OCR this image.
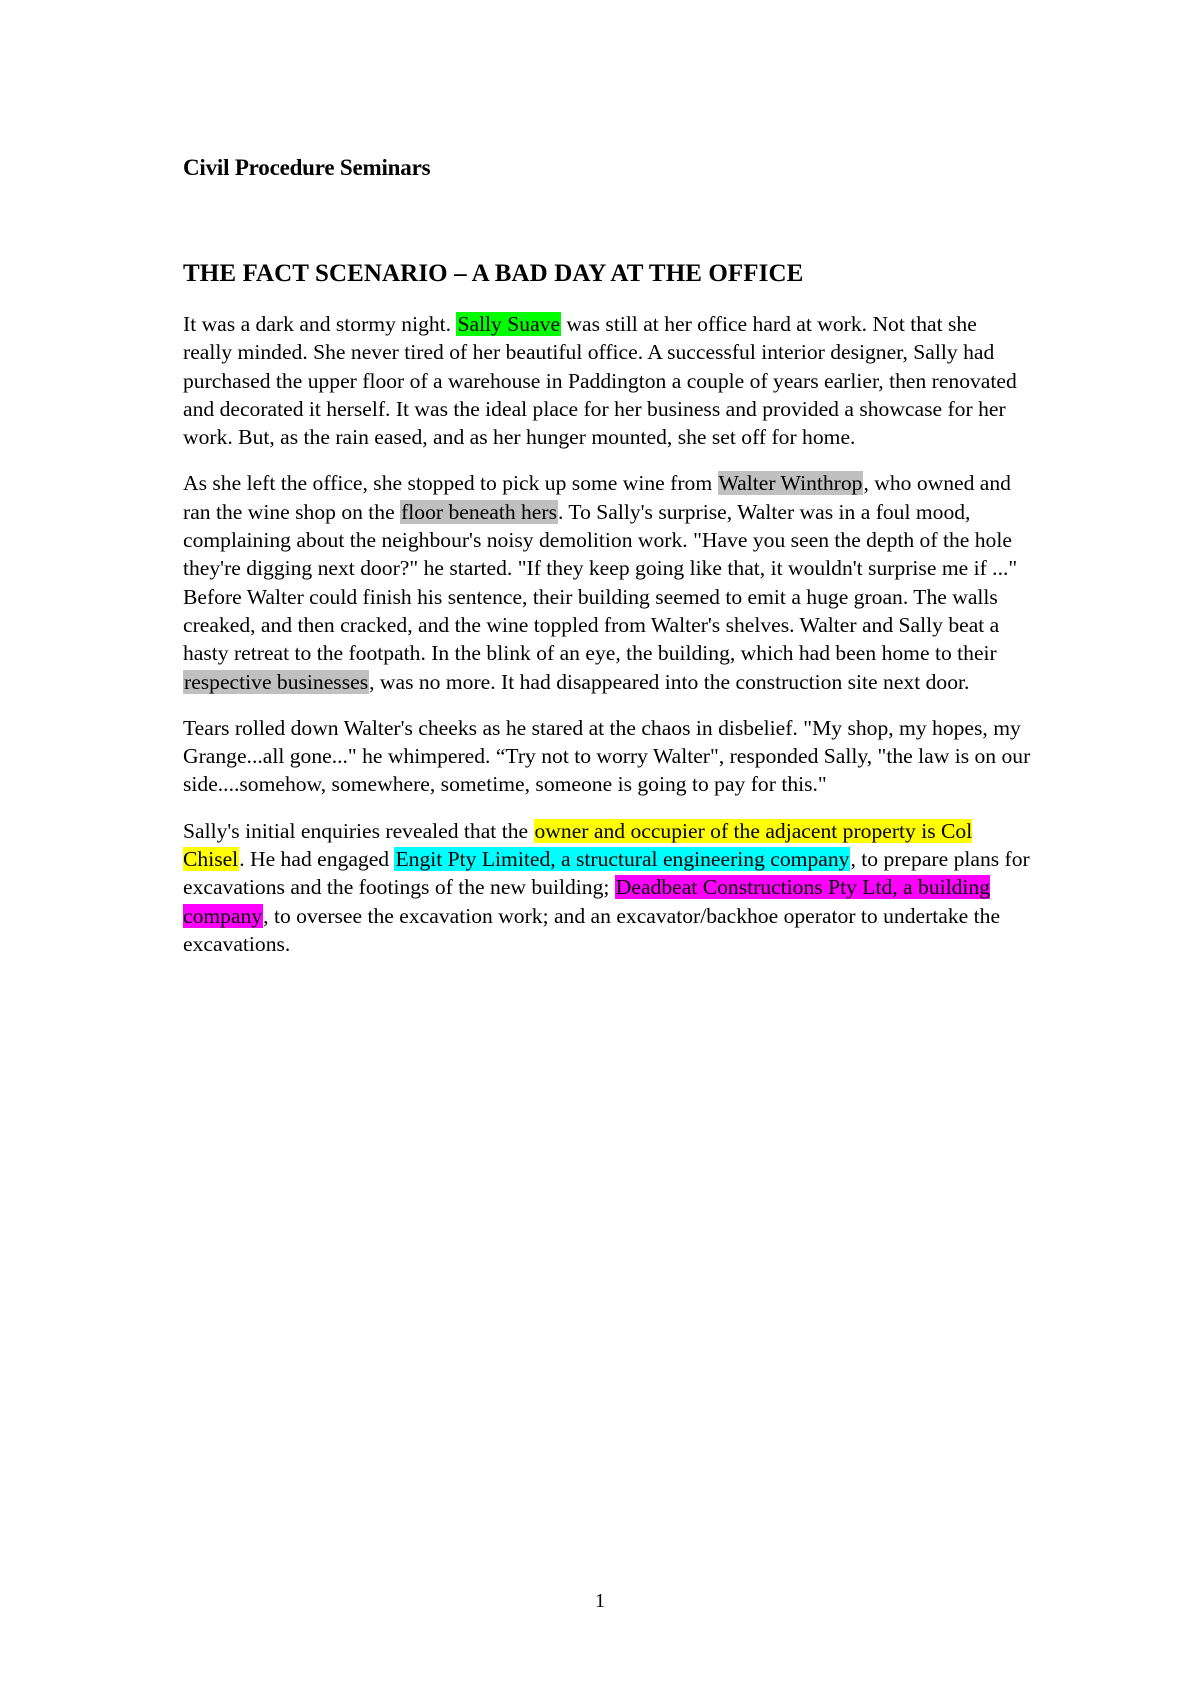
Civil Procedure Seminars
THE FACT SCENARIO – A BAD DAY AT THE OFFICE

It was a dark and stormy night. Sally Suave was still at her office hard at work. Not that she really minded. She never tired of her beautiful office. A successful interior designer, Sally had purchased the upper floor of a warehouse in Paddington a couple of years earlier, then renovated and decorated it herself. It was the ideal place for her business and provided a showcase for her work. But, as the rain eased, and as her hunger mounted, she set off for home.

As she left the office, she stopped to pick up some wine from Walter Winthrop, who owned and ran the wine shop on the floor beneath hers. To Sally's surprise, Walter was in a foul mood, complaining about the neighbour's noisy demolition work. "Have you seen the depth of the hole they're digging next door?" he started. "If they keep going like that, it wouldn't surprise me if ..." Before Walter could finish his sentence, their building seemed to emit a huge groan. The walls creaked, and then cracked, and the wine toppled from Walter's shelves. Walter and Sally beat a hasty retreat to the footpath. In the blink of an eye, the building, which had been home to their respective businesses, was no more. It had disappeared into the construction site next door.

Tears rolled down Walter's cheeks as he stared at the chaos in disbelief. "My shop, my hopes, my Grange...all gone..." he whimpered. “Try not to worry Walter", responded Sally, "the law is on our side....somehow, somewhere, sometime, someone is going to pay for this."

Sally's initial enquiries revealed that the owner and occupier of the adjacent property is Col Chisel. He had engaged Engit Pty Limited, a structural engineering company, to prepare plans for excavations and the footings of the new building; Deadbeat Constructions Pty Ltd, a building company, to oversee the excavation work; and an excavator/backhoe operator to undertake the excavations.

1
